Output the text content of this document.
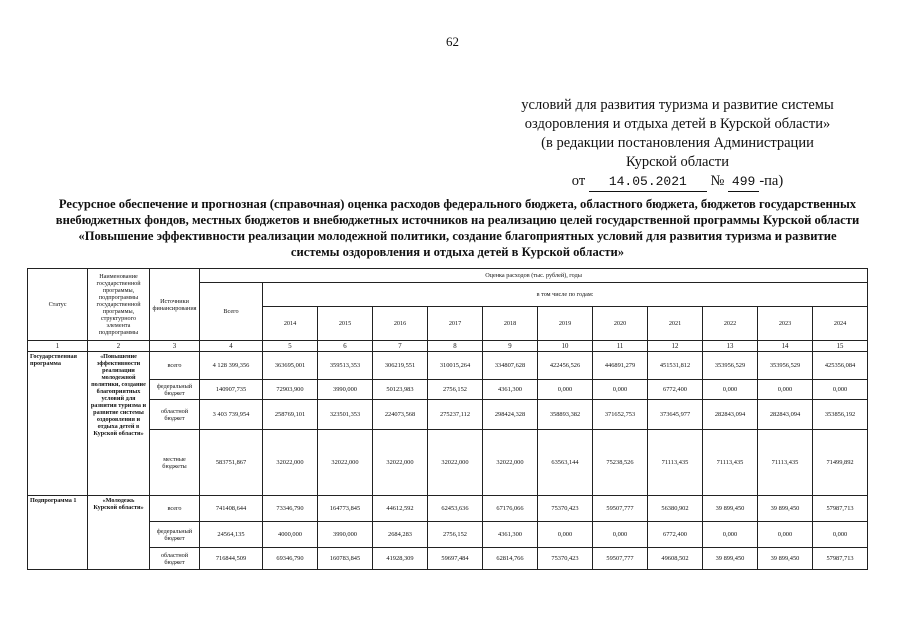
62
условий для развития туризма и развитие системы
оздоровления и отдыха детей в Курской области»
(в редакции постановления Администрации
Курской области
от 14.05.2021 № 499 -па)
Ресурсное обеспечение и прогнозная (справочная) оценка расходов федерального бюджета, областного бюджета, бюджетов государственных внебюджетных фондов, местных бюджетов и внебюджетных источников на реализацию целей государственной программы Курской области «Повышение эффективности реализации молодежной политики, создание благоприятных условий для развития туризма и развитие системы оздоровления и отдыха детей в Курской области»
Статус	Наименование государственной программы, подпрограммы государственной программы, структурного элемента подпрограммы	Источники финансирования	Оценка расходов (тыс. рублей), годы											
			Всего	в том числе по годам:										
				2014	2015	2016	2017	2018	2019	2020	2021	2022	2023	2024
1	2	3	4	5	6	7	8	9	10	11	12	13	14	15
Государственная программа	«Повышение эффективности реализации молодежной политики, создание благоприятных условий для развития туризма и развитие системы оздоровления и отдыха детей в Курской области»	всего	4 128 399,356	363695,001	359513,353	306219,551	310015,264	334807,628	422456,526	446891,279	451531,812	353956,529	353956,529	425356,084
		федеральный бюджет	140907,735	72903,900	3990,000	50123,983	2756,152	4361,300	0,000	0,000	6772,400	0,000	0,000	0,000
		областной бюджет	3 403 739,954	258769,101	323501,353	224073,568	275237,112	298424,328	358893,382	371652,753	373645,977	282843,094	282843,094	353856,192
		местные бюджеты	583751,867	32022,000	32022,000	32022,000	32022,000	32022,000	63563,144	75238,526	71113,435	71113,435	71113,435	71499,892
Подпрограмма 1	«Молодежь Курской области»	всего	741408,644	73346,790	164773,845	44612,592	62453,636	67176,066	75370,423	59507,777	56380,902	39 899,450	39 899,450	57987,713
		федеральный бюджет	24564,135	4000,000	3990,000	2684,283	2756,152	4361,300	0,000	0,000	6772,400	0,000	0,000	0,000
		областной бюджет	716844,509	69346,790	160783,845	41928,309	59697,484	62814,766	75370,423	59507,777	49608,502	39 899,450	39 899,450	57987,713
